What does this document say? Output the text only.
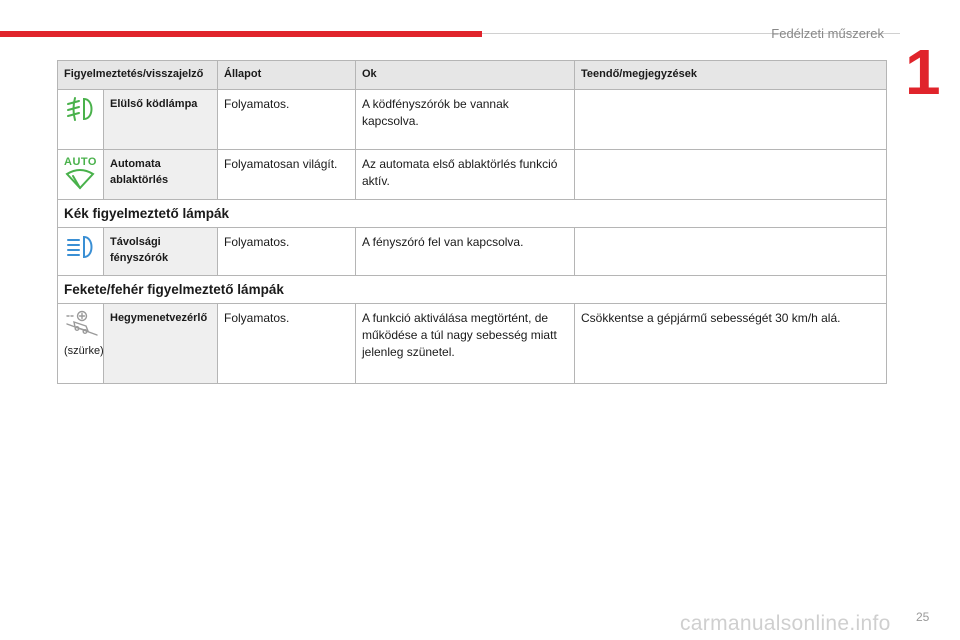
Fedélzeti műszerek
1
Figyelmeztetés/visszajelző		Állapot	Ok	Teendő/megjegyzések
	Elülső ködlámpa	Folyamatos.	A ködfényszórók be vannak kapcsolva.	

AUTO	Automata ablaktörlés	Folyamatosan világít.	Az automata első ablaktörlés funkció aktív.	
Kék figyelmeztető lámpák				
	Távolsági fényszórók	Folyamatos.	A fényszóró fel van kapcsolva.	
Fekete/fehér figyelmeztető lámpák				

(szürke)	Hegymenetvezérlő	Folyamatos.	A funkció aktiválása megtörtént, de működése a túl nagy sebesség miatt jelenleg szünetel.	Csökkentse a gépjármű sebességét 30 km/h alá.
25
carmanualsonline.info
